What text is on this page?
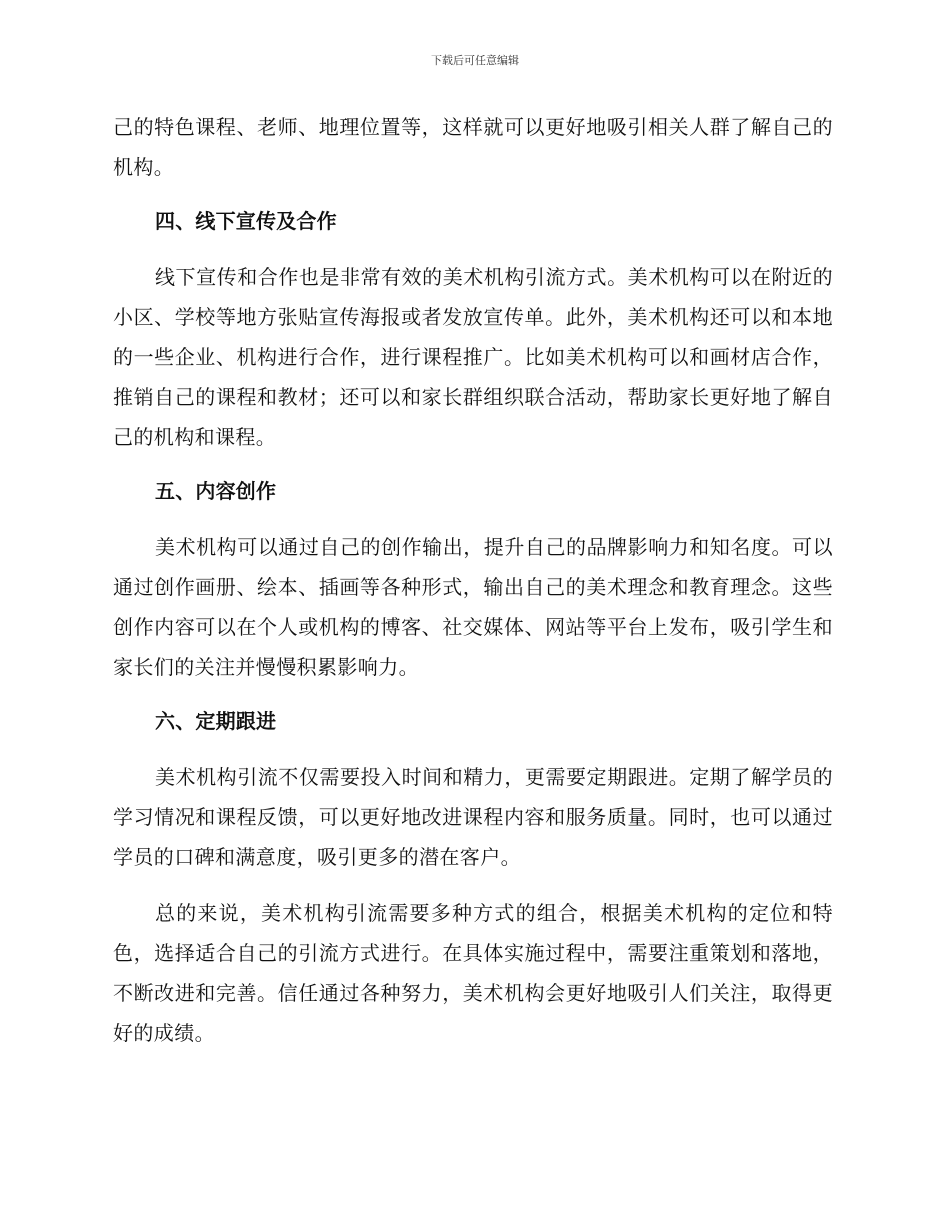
下载后可任意编辑

己的特色课程、老师、地理位置等，这样就可以更好地吸引相关人群了解自己的机构。

四、线下宣传及合作

线下宣传和合作也是非常有效的美术机构引流方式。美术机构可以在附近的小区、学校等地方张贴宣传海报或者发放宣传单。此外，美术机构还可以和本地的一些企业、机构进行合作，进行课程推广。比如美术机构可以和画材店合作，推销自己的课程和教材；还可以和家长群组织联合活动，帮助家长更好地了解自己的机构和课程。

五、内容创作

美术机构可以通过自己的创作输出，提升自己的品牌影响力和知名度。可以通过创作画册、绘本、插画等各种形式，输出自己的美术理念和教育理念。这些创作内容可以在个人或机构的博客、社交媒体、网站等平台上发布，吸引学生和家长们的关注并慢慢积累影响力。

六、定期跟进

美术机构引流不仅需要投入时间和精力，更需要定期跟进。定期了解学员的学习情况和课程反馈，可以更好地改进课程内容和服务质量。同时，也可以通过学员的口碑和满意度，吸引更多的潜在客户。

总的来说，美术机构引流需要多种方式的组合，根据美术机构的定位和特色，选择适合自己的引流方式进行。在具体实施过程中，需要注重策划和落地，不断改进和完善。信任通过各种努力，美术机构会更好地吸引人们关注，取得更好的成绩。
